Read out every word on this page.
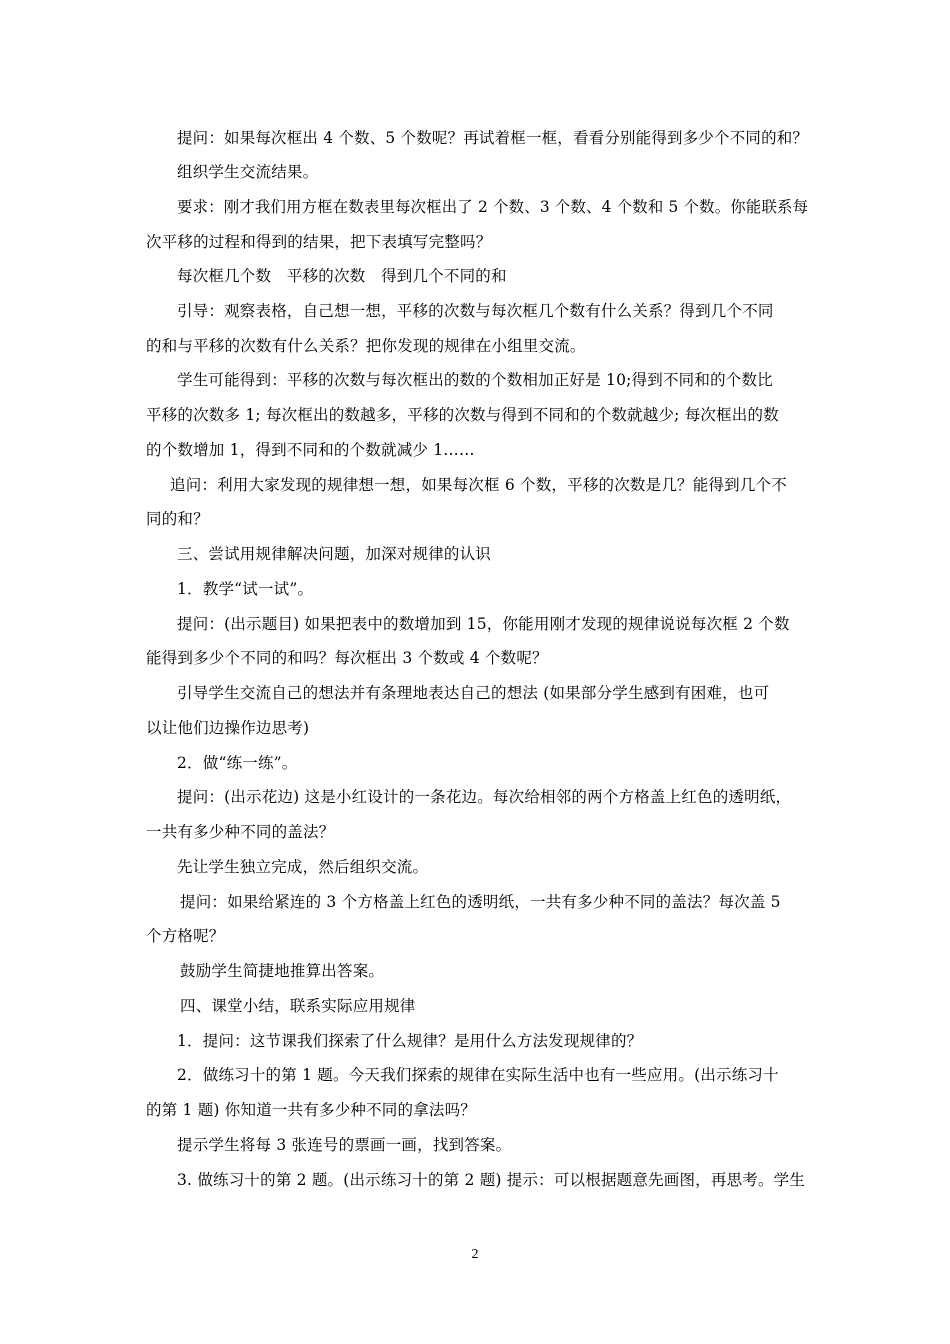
提问：如果每次框出 4 个数、5 个数呢？再试着框一框，看看分别能得到多少个不同的和？
组织学生交流结果。
要求：刚才我们用方框在数表里每次框出了 2 个数、3 个数、4 个数和 5 个数。你能联系每
次平移的过程和得到的结果，把下表填写完整吗？
每次框几个数　平移的次数　得到几个不同的和
引导：观察表格，自己想一想，平移的次数与每次框几个数有什么关系？得到几个不同
的和与平移的次数有什么关系？把你发现的规律在小组里交流。
学生可能得到：平移的次数与每次框出的数的个数相加正好是 10;得到不同和的个数比
平移的次数多 1; 每次框出的数越多，平移的次数与得到不同和的个数就越少; 每次框出的数
的个数增加 1，得到不同和的个数就减少 1……
追问：利用大家发现的规律想一想，如果每次框 6 个数，平移的次数是几？能得到几个不
同的和？
三、尝试用规律解决问题，加深对规律的认识
1．教学“试一试”。
提问：(出示题目) 如果把表中的数增加到 15，你能用刚才发现的规律说说每次框 2 个数
能得到多少个不同的和吗？每次框出 3 个数或 4 个数呢？
引导学生交流自己的想法并有条理地表达自己的想法 (如果部分学生感到有困难，也可
以让他们边操作边思考)
2．做“练一练”。
提问：(出示花边) 这是小红设计的一条花边。每次给相邻的两个方格盖上红色的透明纸，
一共有多少种不同的盖法？
先让学生独立完成，然后组织交流。
提问：如果给紧连的 3 个方格盖上红色的透明纸，一共有多少种不同的盖法？每次盖 5
个方格呢？
鼓励学生简捷地推算出答案。
四、课堂小结，联系实际应用规律
1．提问：这节课我们探索了什么规律？是用什么方法发现规律的？
2．做练习十的第 1 题。今天我们探索的规律在实际生活中也有一些应用。(出示练习十
的第 1 题) 你知道一共有多少种不同的拿法吗？
提示学生将每 3 张连号的票画一画，找到答案。
3. 做练习十的第 2 题。(出示练习十的第 2 题) 提示：可以根据题意先画图，再思考。学生
2
